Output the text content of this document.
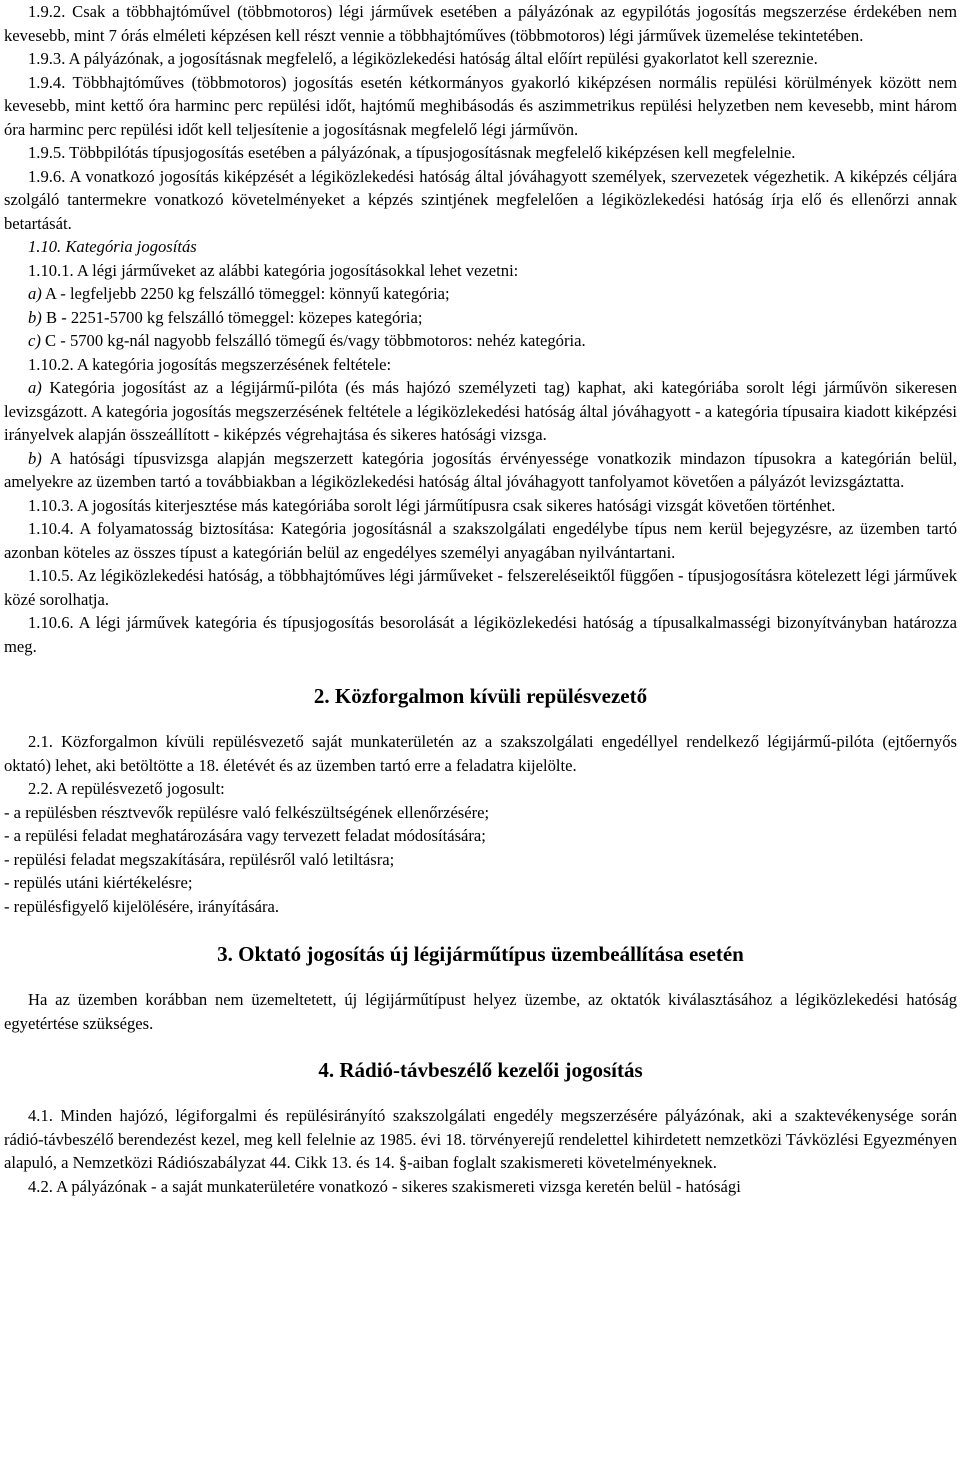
1.9.2. Csak a többhajtóművel (többmotoros) légi járművek esetében a pályázónak az egypilótás jogosítás megszerzése érdekében nem kevesebb, mint 7 órás elméleti képzésen kell részt vennie a többhajtóműves (többmotoros) légi járművek üzemelése tekintetében.

1.9.3. A pályázónak, a jogosításnak megfelelő, a légiközlekedési hatóság által előírt repülési gyakorlatot kell szereznie.

1.9.4. Többhajtóműves (többmotoros) jogosítás esetén kétkormányos gyakorló kiképzésen normális repülési körülmények között nem kevesebb, mint kettő óra harminc perc repülési időt, hajtómű meghibásodás és aszimmetrikus repülési helyzetben nem kevesebb, mint három óra harminc perc repülési időt kell teljesítenie a jogosításnak megfelelő légi járművön.

1.9.5. Többpilótás típusjogosítás esetében a pályázónak, a típusjogosításnak megfelelő kiképzésen kell megfelelnie.

1.9.6. A vonatkozó jogosítás kiképzését a légiközlekedési hatóság által jóváhagyott személyek, szervezetek végezhetik. A kiképzés céljára szolgáló tantermekre vonatkozó követelményeket a képzés szintjének megfelelően a légiközlekedési hatóság írja elő és ellenőrzi annak betartását.

1.10. Kategória jogosítás

1.10.1. A légi járműveket az alábbi kategória jogosításokkal lehet vezetni:

a) A - legfeljebb 2250 kg felszálló tömeggel: könnyű kategória;

b) B - 2251-5700 kg felszálló tömeggel: közepes kategória;

c) C - 5700 kg-nál nagyobb felszálló tömegű és/vagy többmotoros: nehéz kategória.

1.10.2. A kategória jogosítás megszerzésének feltétele:

a) Kategória jogosítást az a légijármű-pilóta (és más hajózó személyzeti tag) kaphat, aki kategóriába sorolt légi járművön sikeresen levizsgázott. A kategória jogosítás megszerzésének feltétele a légiközlekedési hatóság által jóváhagyott - a kategória típusaira kiadott kiképzési irányelvek alapján összeállított - kiképzés végrehajtása és sikeres hatósági vizsga.

b) A hatósági típusvizsga alapján megszerzett kategória jogosítás érvényessége vonatkozik mindazon típusokra a kategórián belül, amelyekre az üzemben tartó a továbbiakban a légiközlekedési hatóság által jóváhagyott tanfolyamot követően a pályázót levizsgáztatta.

1.10.3. A jogosítás kiterjesztése más kategóriába sorolt légi járműtípusra csak sikeres hatósági vizsgát követően történhet.

1.10.4. A folyamatosság biztosítása: Kategória jogosításnál a szakszolgálati engedélybe típus nem kerül bejegyzésre, az üzemben tartó azonban köteles az összes típust a kategórián belül az engedélyes személyi anyagában nyilvántartani.

1.10.5. Az légiközlekedési hatóság, a többhajtóműves légi járműveket - felszereléseiktől függően - típusjogosításra kötelezett légi járművek közé sorolhatja.

1.10.6. A légi járművek kategória és típusjogosítás besorolását a légiközlekedési hatóság a típusalkalmasségi bizonyítványban határozza meg.

2. Közforgalmon kívüli repülésvezető

2.1. Közforgalmon kívüli repülésvezető saját munkaterületén az a szakszolgálati engedéllyel rendelkező légijármű-pilóta (ejtőernyős oktató) lehet, aki betöltötte a 18. életévét és az üzemben tartó erre a feladatra kijelölte.

2.2. A repülésvezető jogosult:

- a repülésben résztvevők repülésre való felkészültségének ellenőrzésére;

- a repülési feladat meghatározására vagy tervezett feladat módosítására;

- repülési feladat megszakítására, repülésről való letiltásra;

- repülés utáni kiértékelésre;

- repülésfigyelő kijelölésére, irányítására.

3. Oktató jogosítás új légijárműtípus üzembeállítása esetén

Ha az üzemben korábban nem üzemeltetett, új légijárműtípust helyez üzembe, az oktatók kiválasztásához a légiközlekedési hatóság egyetértése szükséges.

4. Rádió-távbeszélő kezelői jogosítás

4.1. Minden hajózó, légiforgalmi és repülésirányító szakszolgálati engedély megszerzésére pályázónak, aki a szaktevékenysége során rádió-távbeszélő berendezést kezel, meg kell felelnie az 1985. évi 18. törvényerejű rendelettel kihirdetett nemzetközi Távközlési Egyezményen alapuló, a Nemzetközi Rádiószabályzat 44. Cikk 13. és 14. §-aiban foglalt szakismereti követelményeknek.

4.2. A pályázónak - a saját munkaterületére vonatkozó - sikeres szakismereti vizsga keretén belül - hatósági
